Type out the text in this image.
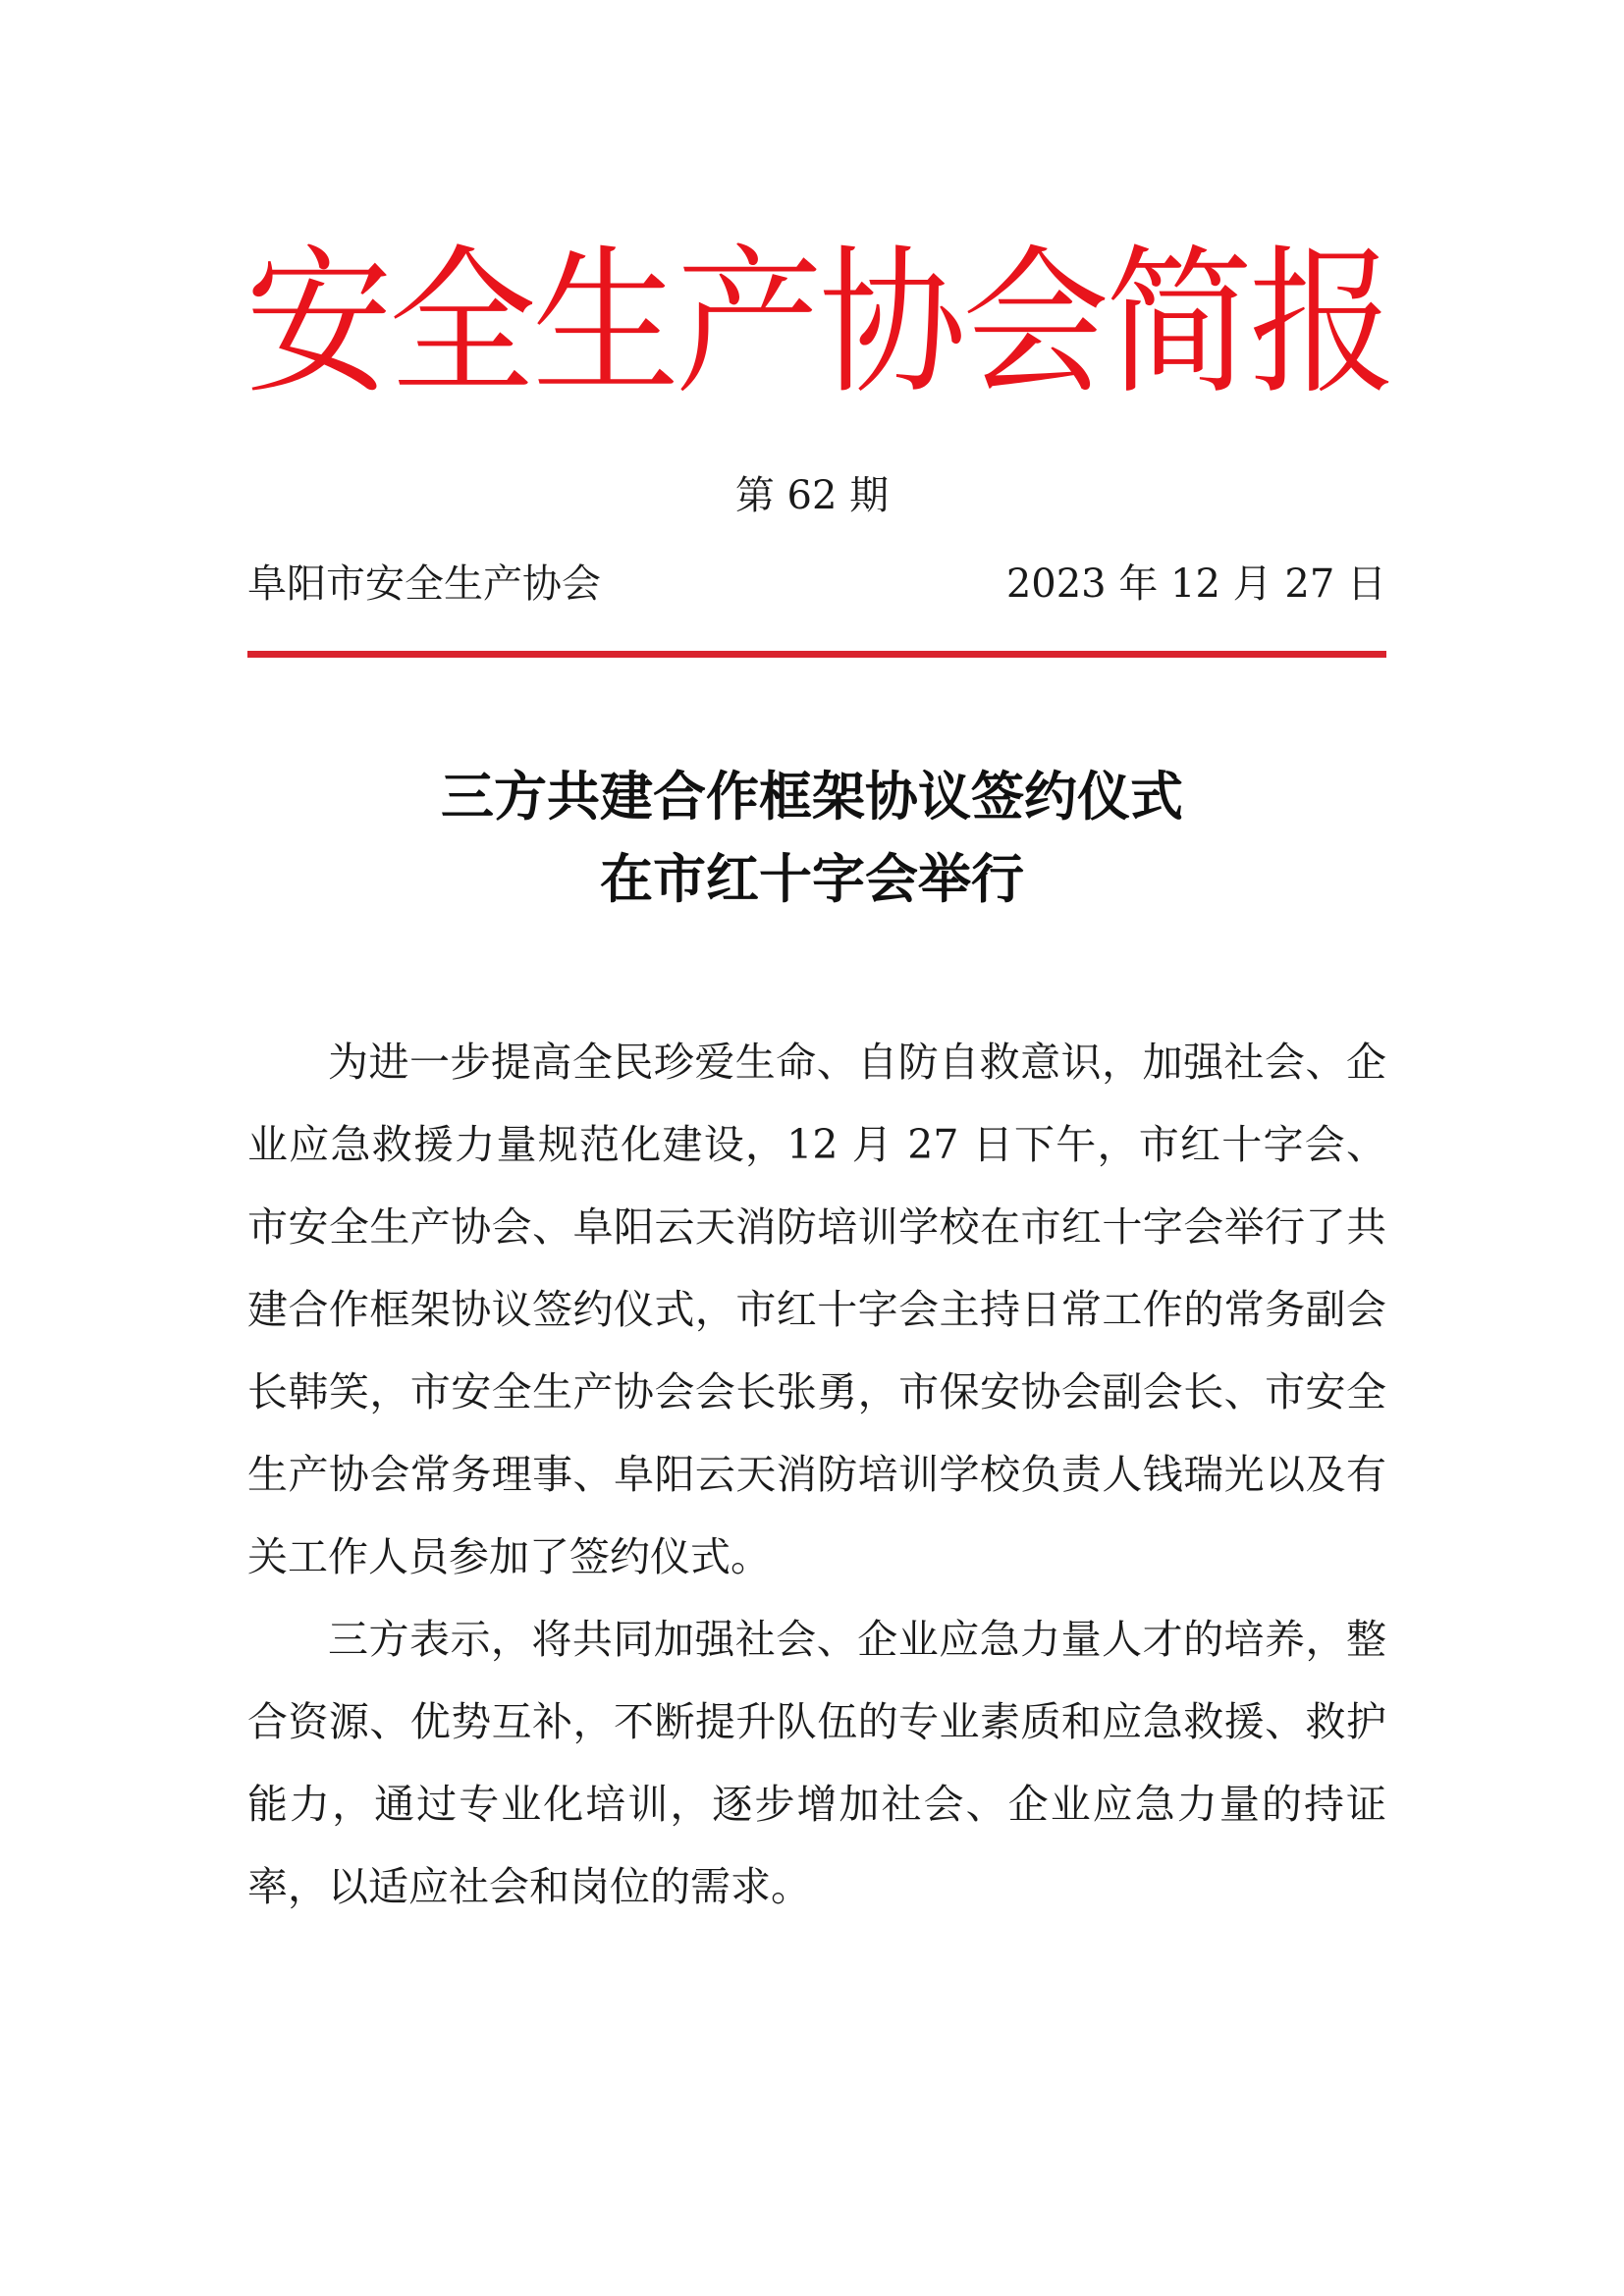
安全生产协会简报
第 62 期
阜阳市安全生产协会	2023 年 12 月 27 日
三方共建合作框架协议签约仪式
在市红十字会举行

为进一步提高全民珍爱生命、自防自救意识，加强社会、企业应急救援力量规范化建设，12 月 27 日下午，市红十字会、市安全生产协会、阜阳云天消防培训学校在市红十字会举行了共建合作框架协议签约仪式，市红十字会主持日常工作的常务副会长韩笑，市安全生产协会会长张勇，市保安协会副会长、市安全生产协会常务理事、阜阳云天消防培训学校负责人钱瑞光以及有关工作人员参加了签约仪式。

三方表示，将共同加强社会、企业应急力量人才的培养，整合资源、优势互补，不断提升队伍的专业素质和应急救援、救护能力，通过专业化培训，逐步增加社会、企业应急力量的持证率，以适应社会和岗位的需求。
